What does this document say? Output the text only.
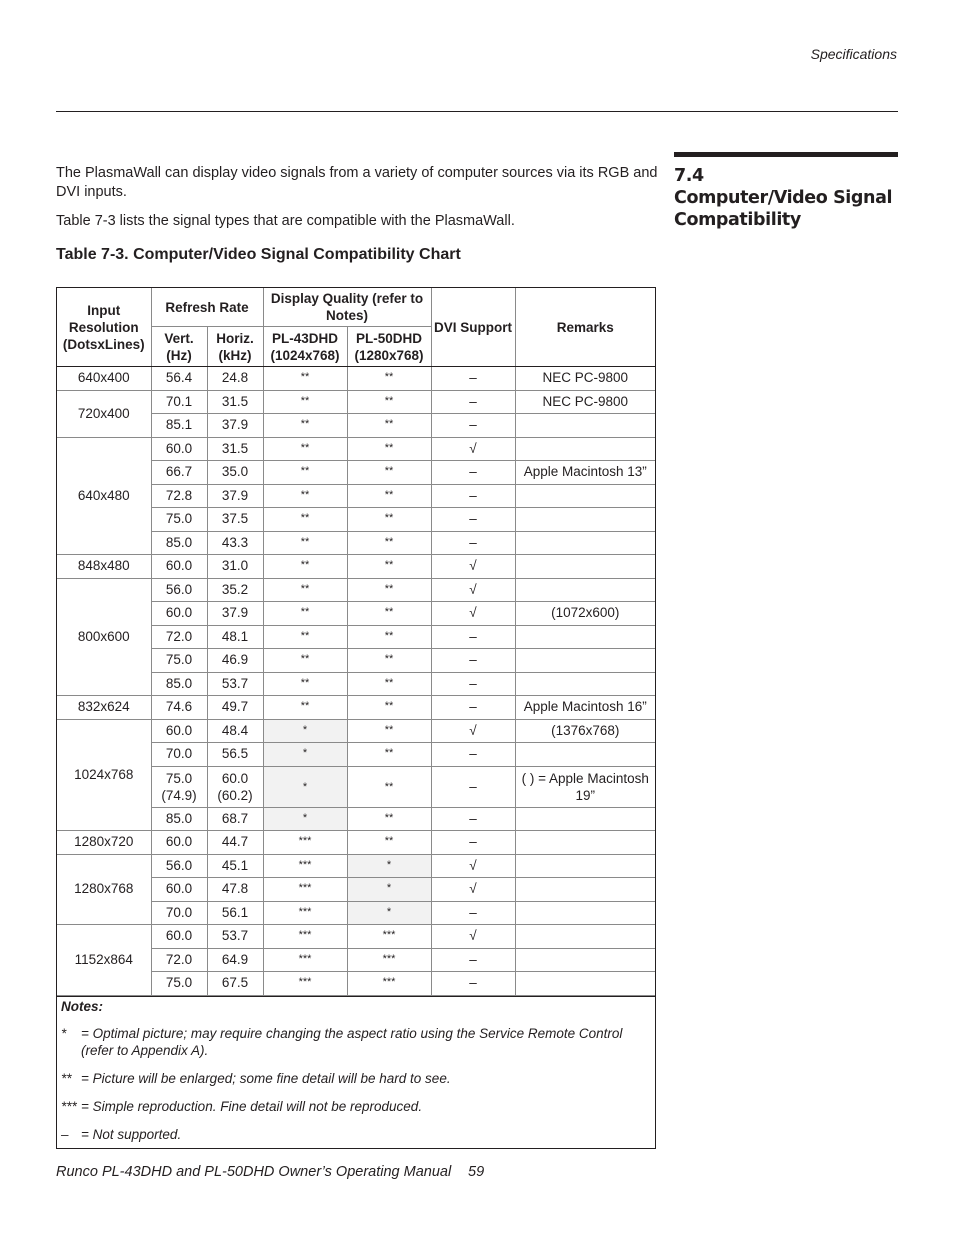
Specifications
7.4
Computer/Video Signal
Compatibility

The PlasmaWall can display video signals from a variety of computer sources via its RGB and DVI inputs.

Table 7-3 lists the signal types that are compatible with the PlasmaWall.

Table 7-3. Computer/Video Signal Compatibility Chart
Input Resolution (DotsxLines)	Refresh Rate		Display Quality (refer to Notes)		DVI Support	Remarks
	Vert. (Hz)	Horiz. (kHz)	PL-43DHD (1024x768)	PL-50DHD (1280x768)		
640x400	56.4	24.8	**	**	–	NEC PC-9800
720x400	70.1	31.5	**	**	–	NEC PC-9800
	85.1	37.9	**	**	–	
640x480	60.0	31.5	**	**	√	
	66.7	35.0	**	**	–	Apple Macintosh 13”
	72.8	37.9	**	**	–	
	75.0	37.5	**	**	–	
	85.0	43.3	**	**	–	
848x480	60.0	31.0	**	**	√	
800x600	56.0	35.2	**	**	√	
	60.0	37.9	**	**	√	(1072x600)
	72.0	48.1	**	**	–	
	75.0	46.9	**	**	–	
	85.0	53.7	**	**	–	
832x624	74.6	49.7	**	**	–	Apple Macintosh 16”
1024x768	60.0	48.4	*	**	√	(1376x768)
	70.0	56.5	*	**	–	
	75.0 (74.9)	60.0 (60.2)	*	**	–	( ) = Apple Macintosh 19”
	85.0	68.7	*	**	–	
1280x720	60.0	44.7	***	**	–	
1280x768	56.0	45.1	***	*	√	
	60.0	47.8	***	*	√	
	70.0	56.1	***	*	–	
1152x864	60.0	53.7	***	***	√	
	72.0	64.9	***	***	–	
	75.0	67.5	***	***	–	
Notes:
*	= Optimal picture; may require changing the aspect ratio using the Service Remote Control (refer to Appendix A).
** = Picture will be enlarged; some fine detail will be hard to see.
*** = Simple reproduction. Fine detail will not be reproduced.
– = Not supported.
Runco PL-43DHD and PL-50DHD Owner’s Operating Manual 59
